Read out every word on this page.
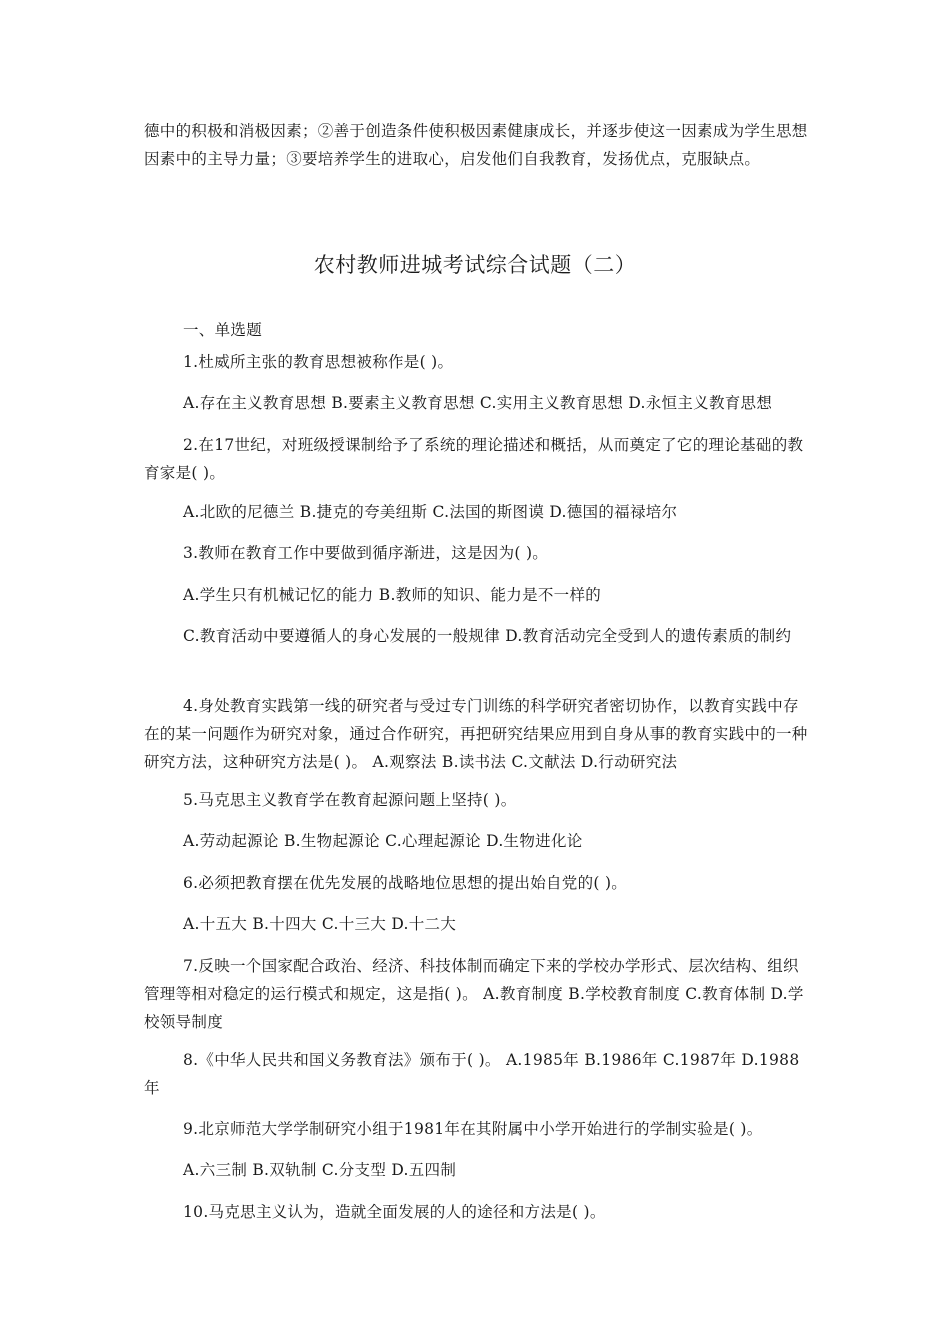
德中的积极和消极因素；②善于创造条件使积极因素健康成长，并逐步使这一因素成为学生思想因素中的主导力量；③要培养学生的进取心，启发他们自我教育，发扬优点，克服缺点。

农村教师进城考试综合试题（二）

一、单选题

1.杜威所主张的教育思想被称作是( )。

A.存在主义教育思想 B.要素主义教育思想 C.实用主义教育思想 D.永恒主义教育思想

2.在17世纪，对班级授课制给予了系统的理论描述和概括，从而奠定了它的理论基础的教育家是( )。

A.北欧的尼德兰 B.捷克的夸美纽斯 C.法国的斯图谟 D.德国的福禄培尔

3.教师在教育工作中要做到循序渐进，这是因为( )。

A.学生只有机械记忆的能力 B.教师的知识、能力是不一样的

C.教育活动中要遵循人的身心发展的一般规律 D.教育活动完全受到人的遗传素质的制约

4.身处教育实践第一线的研究者与受过专门训练的科学研究者密切协作，以教育实践中存在的某一问题作为研究对象，通过合作研究，再把研究结果应用到自身从事的教育实践中的一种研究方法，这种研究方法是( )。 A.观察法 B.读书法 C.文献法 D.行动研究法

5.马克思主义教育学在教育起源问题上坚持( )。

A.劳动起源论 B.生物起源论 C.心理起源论 D.生物进化论

6.必须把教育摆在优先发展的战略地位思想的提出始自党的( )。

A.十五大 B.十四大 C.十三大 D.十二大

7.反映一个国家配合政治、经济、科技体制而确定下来的学校办学形式、层次结构、组织管理等相对稳定的运行模式和规定，这是指( )。 A.教育制度 B.学校教育制度 C.教育体制 D.学校领导制度

8.《中华人民共和国义务教育法》颁布于( )。 A.1985年 B.1986年 C.1987年 D.1988年

9.北京师范大学学制研究小组于1981年在其附属中小学开始进行的学制实验是( )。

A.六三制 B.双轨制 C.分支型 D.五四制

10.马克思主义认为，造就全面发展的人的途径和方法是( )。
